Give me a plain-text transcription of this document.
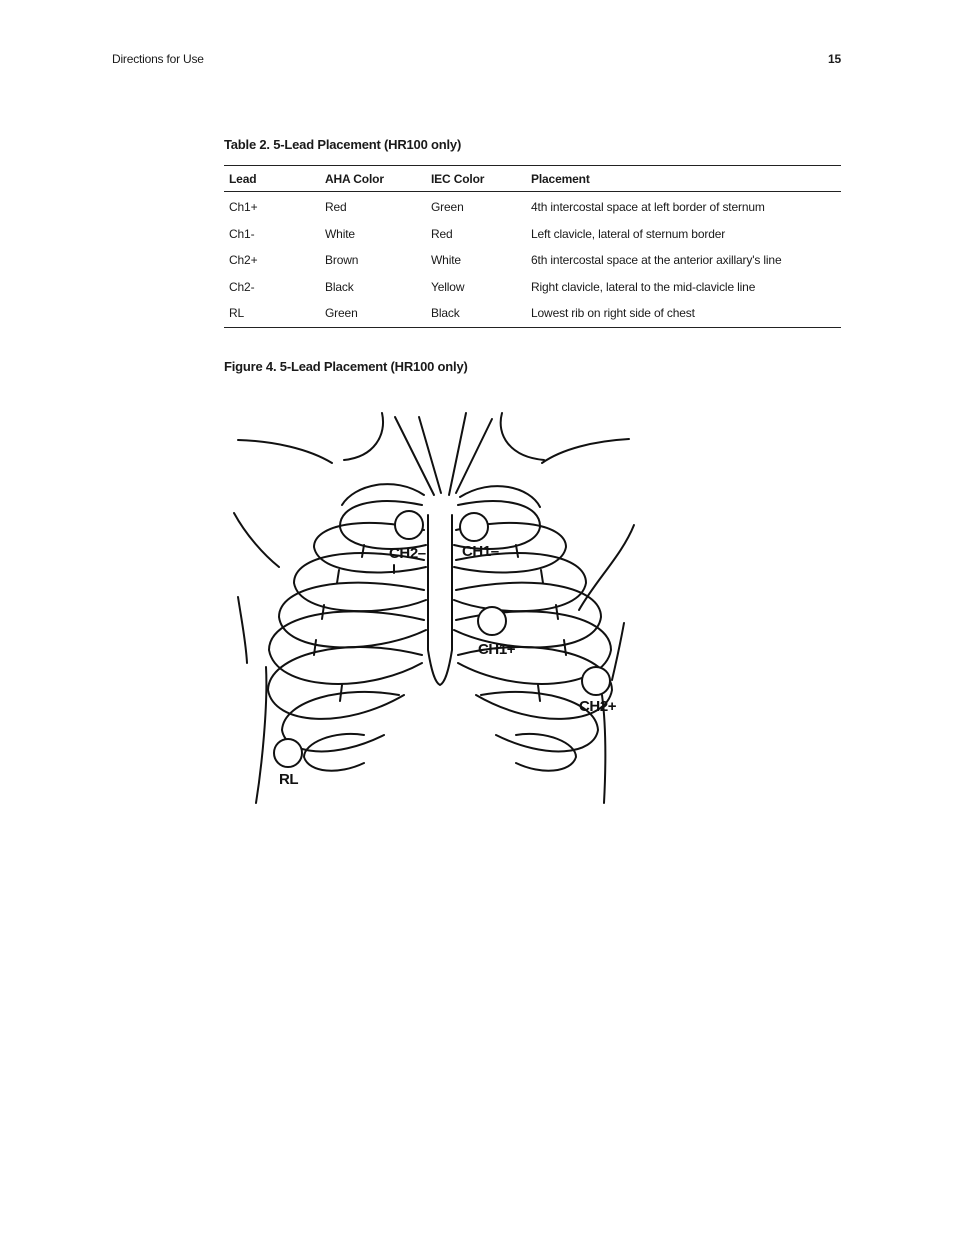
Directions for Use	15
Table 2. 5-Lead Placement (HR100 only)
Lead	AHA Color	IEC Color	Placement
Ch1+	Red	Green	4th intercostal space at left border of sternum
Ch1-	White	Red	Left clavicle, lateral of sternum border
Ch2+	Brown	White	6th intercostal space at the anterior axillary's line
Ch2-	Black	Yellow	Right clavicle, lateral to the mid-clavicle line
RL	Green	Black	Lowest rib on right side of chest
Figure 4. 5-Lead Placement (HR100 only)
CH2– CH1–
CH1+
CH2+
RL
